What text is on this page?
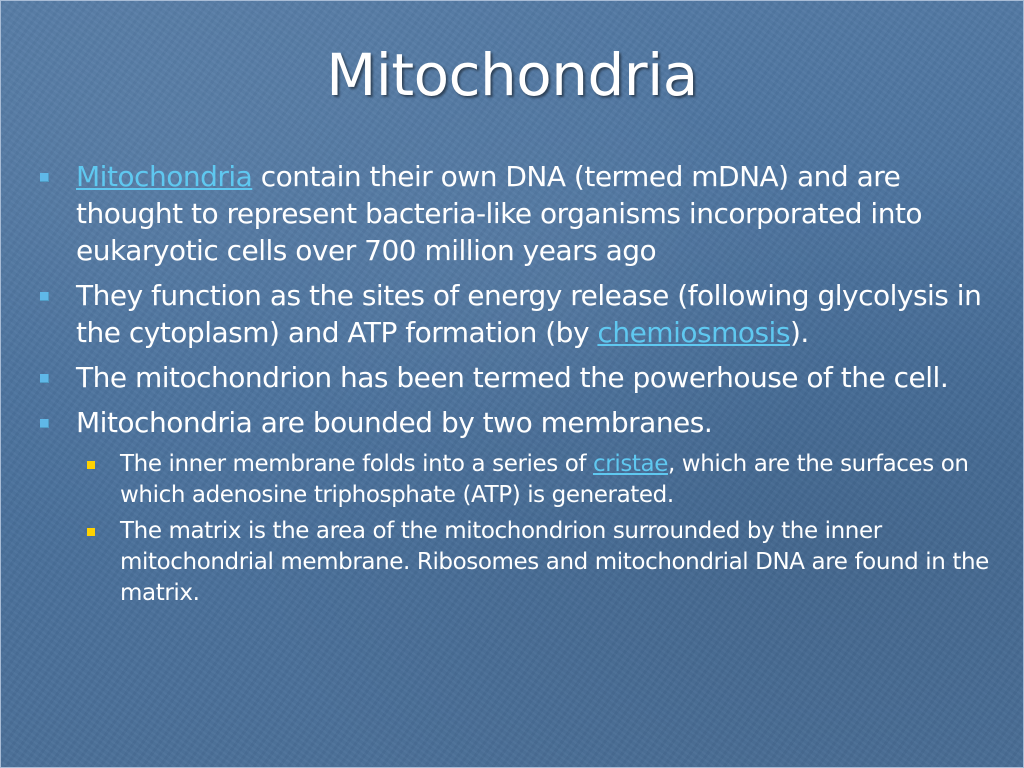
Mitochondria
Mitochondria contain their own DNA (termed mDNA) and are thought to represent bacteria-like organisms incorporated into eukaryotic cells over 700 million years ago
They function as the sites of energy release (following glycolysis in the cytoplasm) and ATP formation (by chemiosmosis).
The mitochondrion has been termed the powerhouse of the cell.
Mitochondria are bounded by two membranes.
The inner membrane folds into a series of cristae, which are the surfaces on which adenosine triphosphate (ATP) is generated.
The matrix is the area of the mitochondrion surrounded by the inner mitochondrial membrane. Ribosomes and mitochondrial DNA are found in the matrix.
